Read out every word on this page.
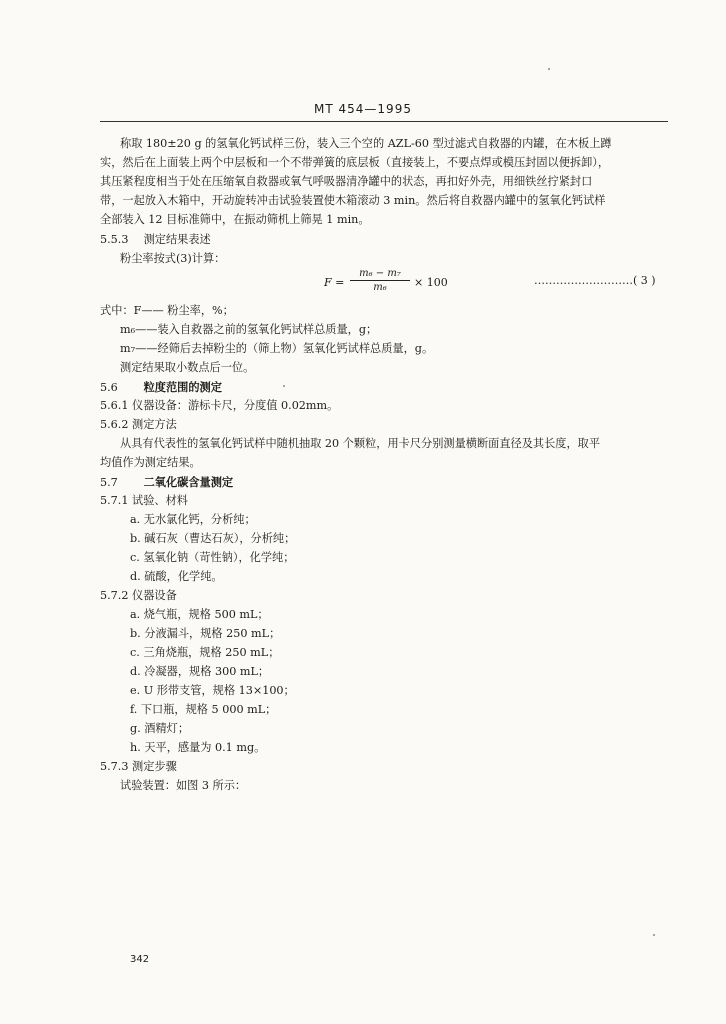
MT 454—1995
称取 180±20 g 的氢氧化钙试样三份，装入三个空的 AZL-60 型过滤式自救器的内罐，在木板上蹲
实，然后在上面装上两个中层板和一个不带弹簧的底层板（直接装上，不要点焊或模压封固以便拆卸），
其压紧程度相当于处在压缩氧自救器或氧气呼吸器清净罐中的状态，再扣好外壳，用细铁丝拧紧封口
带，一起放入木箱中，开动旋转冲击试验装置使木箱滚动 3 min。然后将自救器内罐中的氢氧化钙试样
全部装入 12 目标准筛中，在振动筛机上筛晃 1 min。
5.5.3 测定结果表述
粉尘率按式(3)计算：
F =
m₆ − m₇
m₆	× 100	………………………( 3 )
式中：F—— 粉尘率，%；
m₆——装入自救器之前的氢氧化钙试样总质量，g；
m₇——经筛后去掉粉尘的（筛上物）氢氧化钙试样总质量，g。
测定结果取小数点后一位。
5.6 粒度范围的测定
5.6.1 仪器设备：游标卡尺，分度值 0.02mm。
5.6.2 测定方法
从具有代表性的氢氧化钙试样中随机抽取 20 个颗粒，用卡尺分别测量横断面直径及其长度，取平
均值作为测定结果。
5.7 二氧化碳含量测定
5.7.1 试验、材料
a. 无水氯化钙，分析纯；
b. 碱石灰（曹达石灰），分析纯；
c. 氢氧化钠（苛性钠），化学纯；
d. 硫酸，化学纯。
5.7.2 仪器设备
a. 烧气瓶，规格 500 mL；
b. 分液漏斗，规格 250 mL；
c. 三角烧瓶，规格 250 mL；
d. 冷凝器，规格 300 mL；
e. U 形带支管，规格 13×100；
f. 下口瓶，规格 5 000 mL；
g. 酒精灯；
h. 天平，感量为 0.1 mg。
5.7.3 测定步骤
试验装置：如图 3 所示：
342
